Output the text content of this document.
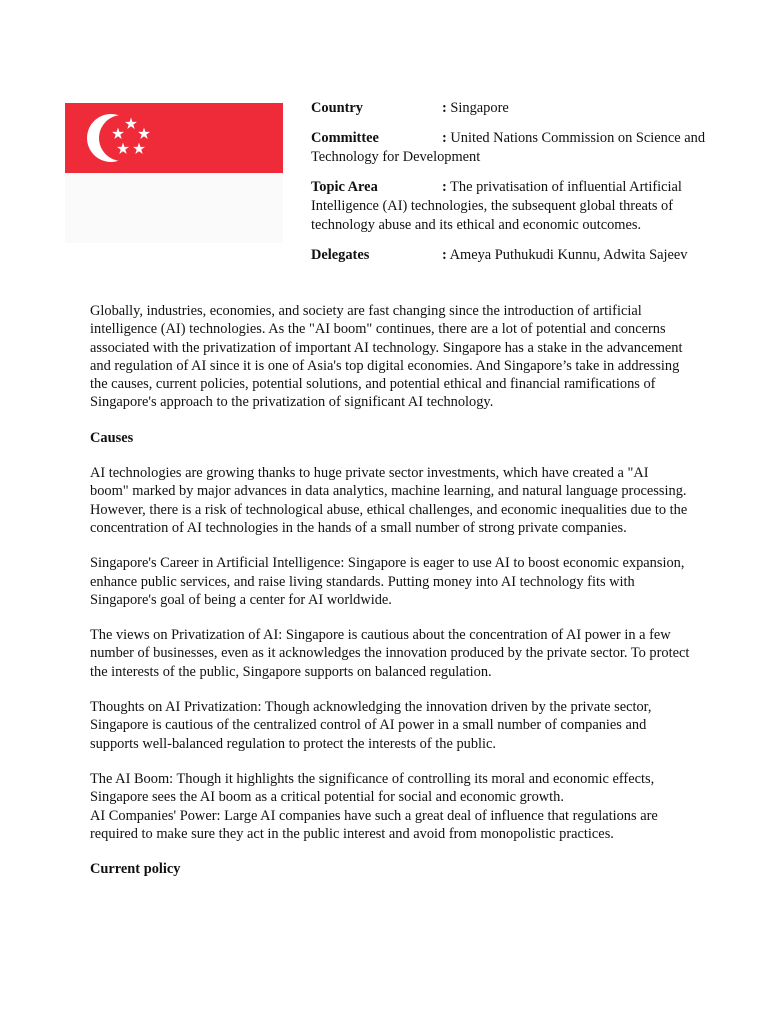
Country	: Singapore
Committee	: United Nations Commission on Science and Technology for Development
Topic Area	: The privatisation of influential Artificial Intelligence (AI) technologies, the subsequent global threats of technology abuse and its ethical and economic outcomes.
Delegates	: Ameya Puthukudi Kunnu, Adwita Sajeev

Globally, industries, economies, and society are fast changing since the introduction of artificial intelligence (AI) technologies. As the "AI boom" continues, there are a lot of potential and concerns associated with the privatization of important AI technology. Singapore has a stake in the advancement and regulation of AI since it is one of Asia's top digital economies. And Singapore’s take in addressing the causes, current policies, potential solutions, and potential ethical and financial ramifications of Singapore's approach to the privatization of significant AI technology.

Causes

AI technologies are growing thanks to huge private sector investments, which have created a "AI boom" marked by major advances in data analytics, machine learning, and natural language processing. However, there is a risk of technological abuse, ethical challenges, and economic inequalities due to the concentration of AI technologies in the hands of a small number of strong private companies.

Singapore's Career in Artificial Intelligence: Singapore is eager to use AI to boost economic expansion, enhance public services, and raise living standards. Putting money into AI technology fits with Singapore's goal of being a center for AI worldwide.

The views on Privatization of AI: Singapore is cautious about the concentration of AI power in a few number of businesses, even as it acknowledges the innovation produced by the private sector. To protect the interests of the public, Singapore supports on balanced regulation.

Thoughts on AI Privatization: Though acknowledging the innovation driven by the private sector, Singapore is cautious of the centralized control of AI power in a small number of companies and supports well-balanced regulation to protect the interests of the public.

The AI Boom: Though it highlights the significance of controlling its moral and economic effects, Singapore sees the AI boom as a critical potential for social and economic growth.

AI Companies' Power: Large AI companies have such a great deal of influence that regulations are required to make sure they act in the public interest and avoid from monopolistic practices.

Current policy
